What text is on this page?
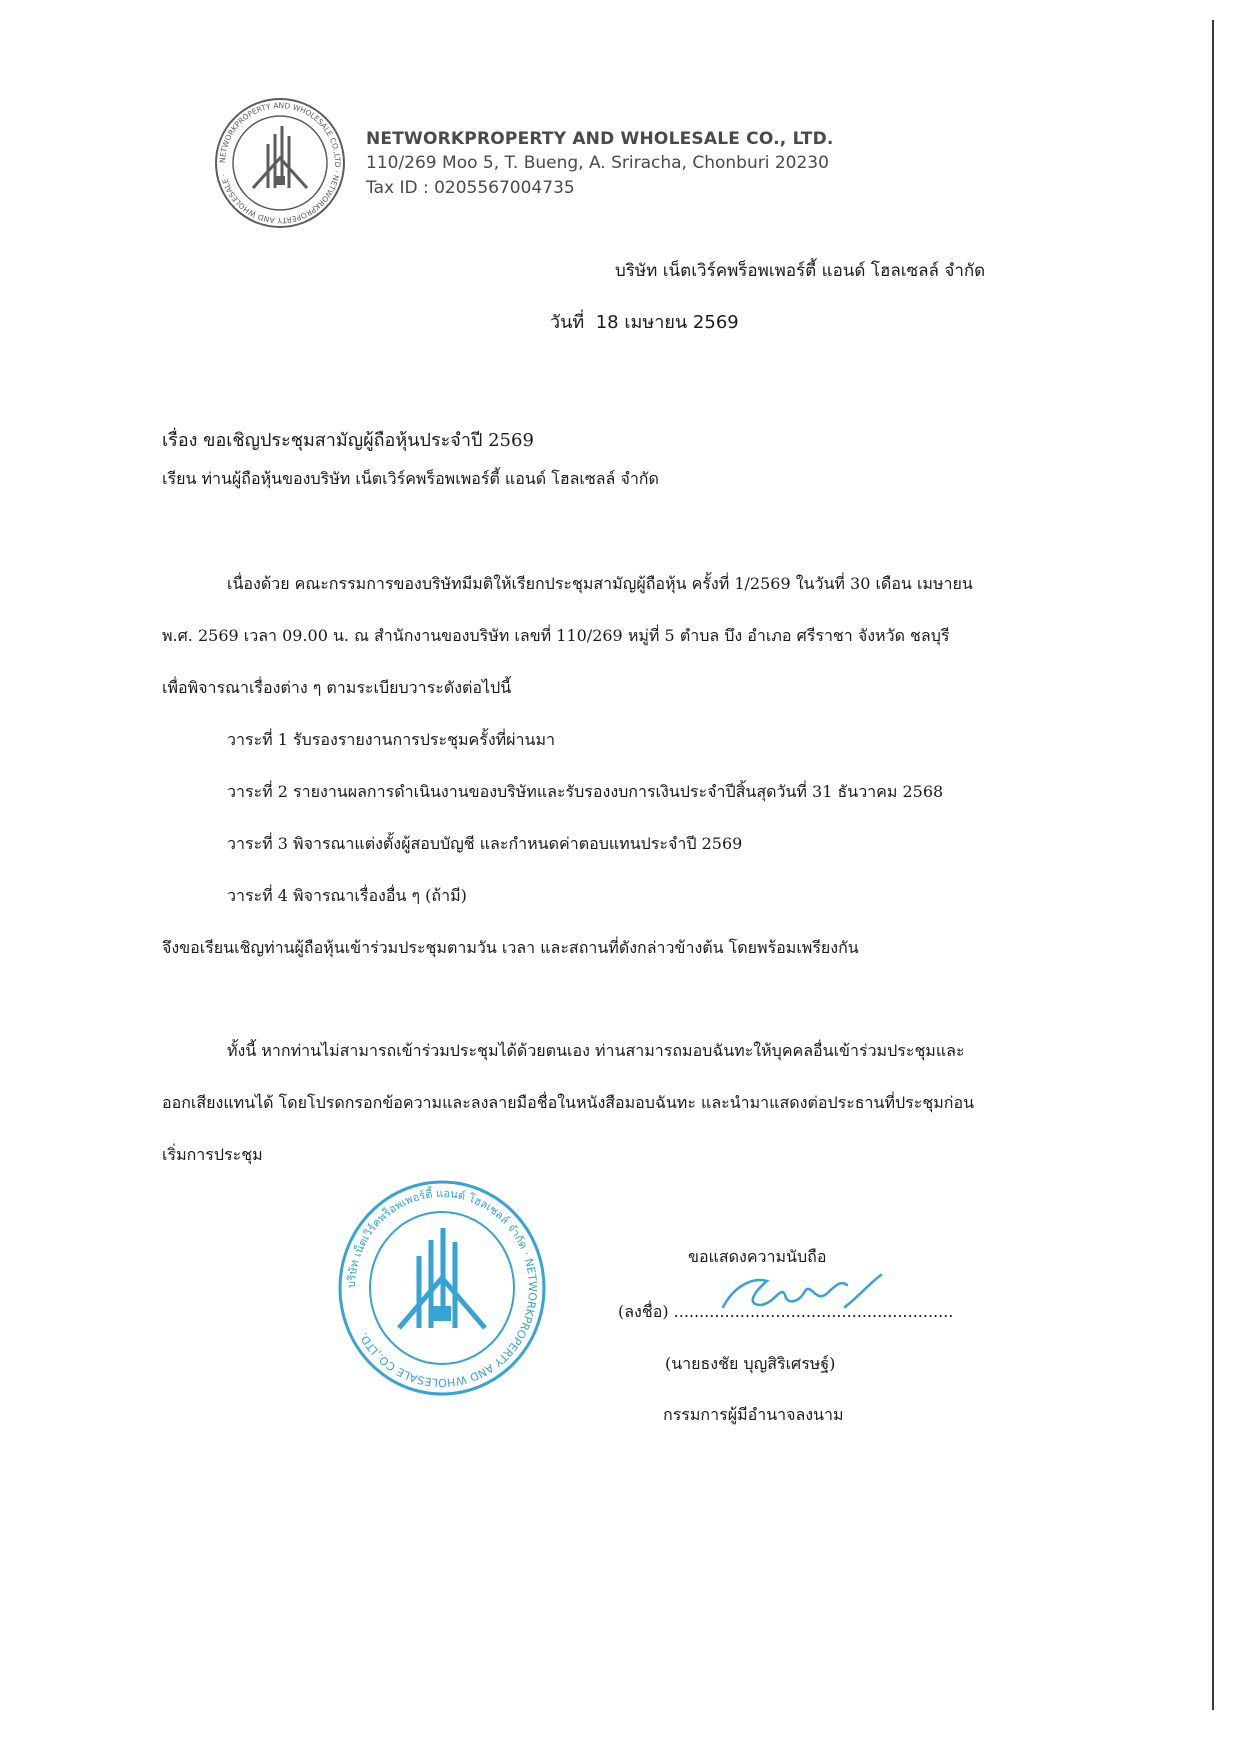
NETWORKPROPERTY AND WHOLESALE CO.,LTD · NETWORKPROPERTY AND WHOLESALE ·
NETWORKPROPERTY AND WHOLESALE CO., LTD.
110/269 Moo 5, T. Bueng, A. Sriracha, Chonburi 20230
Tax ID : 0205567004735
บริษัท เน็ตเวิร์คพร็อพเพอร์ตี้ แอนด์ โฮลเซลล์ จำกัด
วันที่ 18 เมษายน 2569
เรื่อง ขอเชิญประชุมสามัญผู้ถือหุ้นประจำปี 2569
เรียน ท่านผู้ถือหุ้นของบริษัท เน็ตเวิร์คพร็อพเพอร์ตี้ แอนด์ โฮลเซลล์ จำกัด
เนื่องด้วย คณะกรรมการของบริษัทมีมติให้เรียกประชุมสามัญผู้ถือหุ้น ครั้งที่ 1/2569 ในวันที่ 30 เดือน เมษายน
พ.ศ. 2569 เวลา 09.00 น. ณ สำนักงานของบริษัท เลขที่ 110/269 หมู่ที่ 5 ตำบล บึง อำเภอ ศรีราชา จังหวัด ชลบุรี
เพื่อพิจารณาเรื่องต่าง ๆ ตามระเบียบวาระดังต่อไปนี้
วาระที่ 1 รับรองรายงานการประชุมครั้งที่ผ่านมา
วาระที่ 2 รายงานผลการดำเนินงานของบริษัทและรับรองงบการเงินประจำปีสิ้นสุดวันที่ 31 ธันวาคม 2568
วาระที่ 3 พิจารณาแต่งตั้งผู้สอบบัญชี และกำหนดค่าตอบแทนประจำปี 2569
วาระที่ 4 พิจารณาเรื่องอื่น ๆ (ถ้ามี)
จึงขอเรียนเชิญท่านผู้ถือหุ้นเข้าร่วมประชุมตามวัน เวลา และสถานที่ดังกล่าวข้างต้น โดยพร้อมเพรียงกัน
ทั้งนี้ หากท่านไม่สามารถเข้าร่วมประชุมได้ด้วยตนเอง ท่านสามารถมอบฉันทะให้บุคคลอื่นเข้าร่วมประชุมและ
ออกเสียงแทนได้ โดยโปรดกรอกข้อความและลงลายมือชื่อในหนังสือมอบฉันทะ และนำมาแสดงต่อประธานที่ประชุมก่อน
เริ่มการประชุม
บริษัท เน็ตเวิร์คพร็อพเพอร์ตี้ แอนด์ โฮลเซลล์ จำกัด · NETWORKPROPERTY AND WHOLESALE CO.,LTD.
ขอแสดงความนับถือ
(ลงชื่อ) .......................................................
(นายธงชัย บุญสิริเศรษฐ์)
กรรมการผู้มีอำนาจลงนาม
